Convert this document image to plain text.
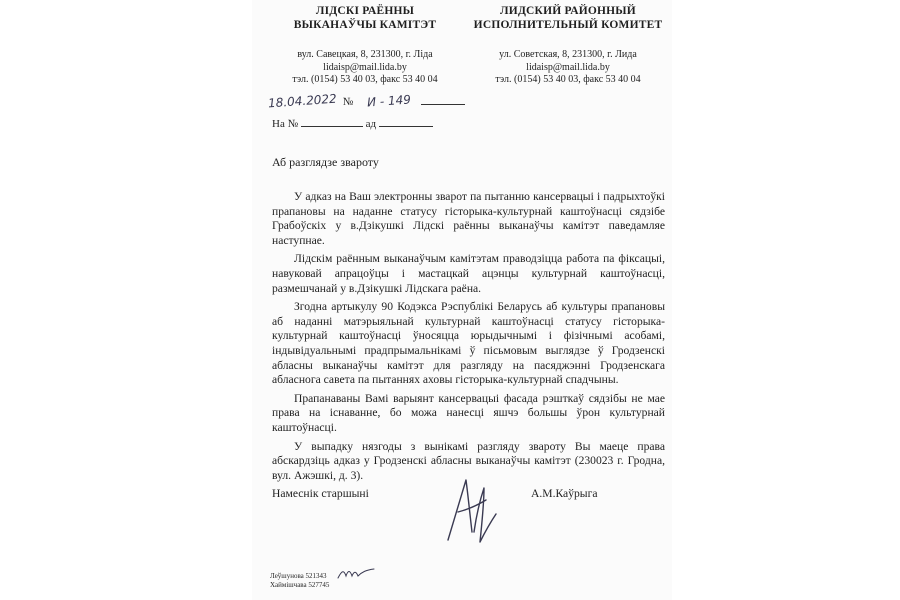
ЛІДСКІ РАЁННЫ
ВЫКАНАЎЧЫ КАМІТЭТ
вул. Савецкая, 8, 231300, г. Ліда
lidaisp@mail.lida.by
тэл. (0154) 53 40 03, факс 53 40 04
ЛИДСКИЙ РАЙОННЫЙ
ИСПОЛНИТЕЛЬНЫЙ КОМИТЕТ
ул. Советская, 8, 231300, г. Лида
lidaisp@mail.lida.by
тэл. (0154) 53 40 03, факс 53 40 04
18.04.2022 № И - 149
На №	ад
Аб разглядзе звароту

У адказ на Ваш электронны зварот па пытанню кансервацыі і падрыхтоўкі прапановы на наданне статусу гісторыка-культурнай каштоўнасці сядзібе Грабоўскіх у в.Дзікушкі Лідскі раённы выканаўчы камітэт паведамляе наступнае.

Лідскім раённым выканаўчым камітэтам праводзіцца работа па фіксацыі, навуковай апрацоўцы і мастацкай ацэнцы культурнай каштоўнасці, размешчанай у в.Дзікушкі Лідскага раёна.

Згодна артыкулу 90 Кодэкса Рэспублікі Беларусь аб культуры прапановы аб наданні матэрыяльнай культурнай каштоўнасці статусу гісторыка-культурнай каштоўнасці ўносяцца юрыдычнымі і фізічнымі асобамі, індывідуальнымі прадпрымальнікамі ў пісьмовым выглядзе ў Гродзенскі абласны выканаўчы камітэт для разгляду на пасяджэнні Гродзенскага абласнога савета па пытаннях аховы гісторыка-культурнай спадчыны.

Прапанаваны Вамі варыянт кансервацыі фасада рэшткаў сядзібы не мае права на існаванне, бо можа нанесці яшчэ большы ўрон культурнай каштоўнасці.

У выпадку нязгоды з вынікамі разгляду звароту Вы маеце права абскардзіць адказ у Гродзенскі абласны выканаўчы камітэт (230023 г. Гродна, вул. Ажэшкі, д. 3).

Намеснік старшыні	А.М.Каўрыга
Леўшунова 521343
Хаймішчава 527745
